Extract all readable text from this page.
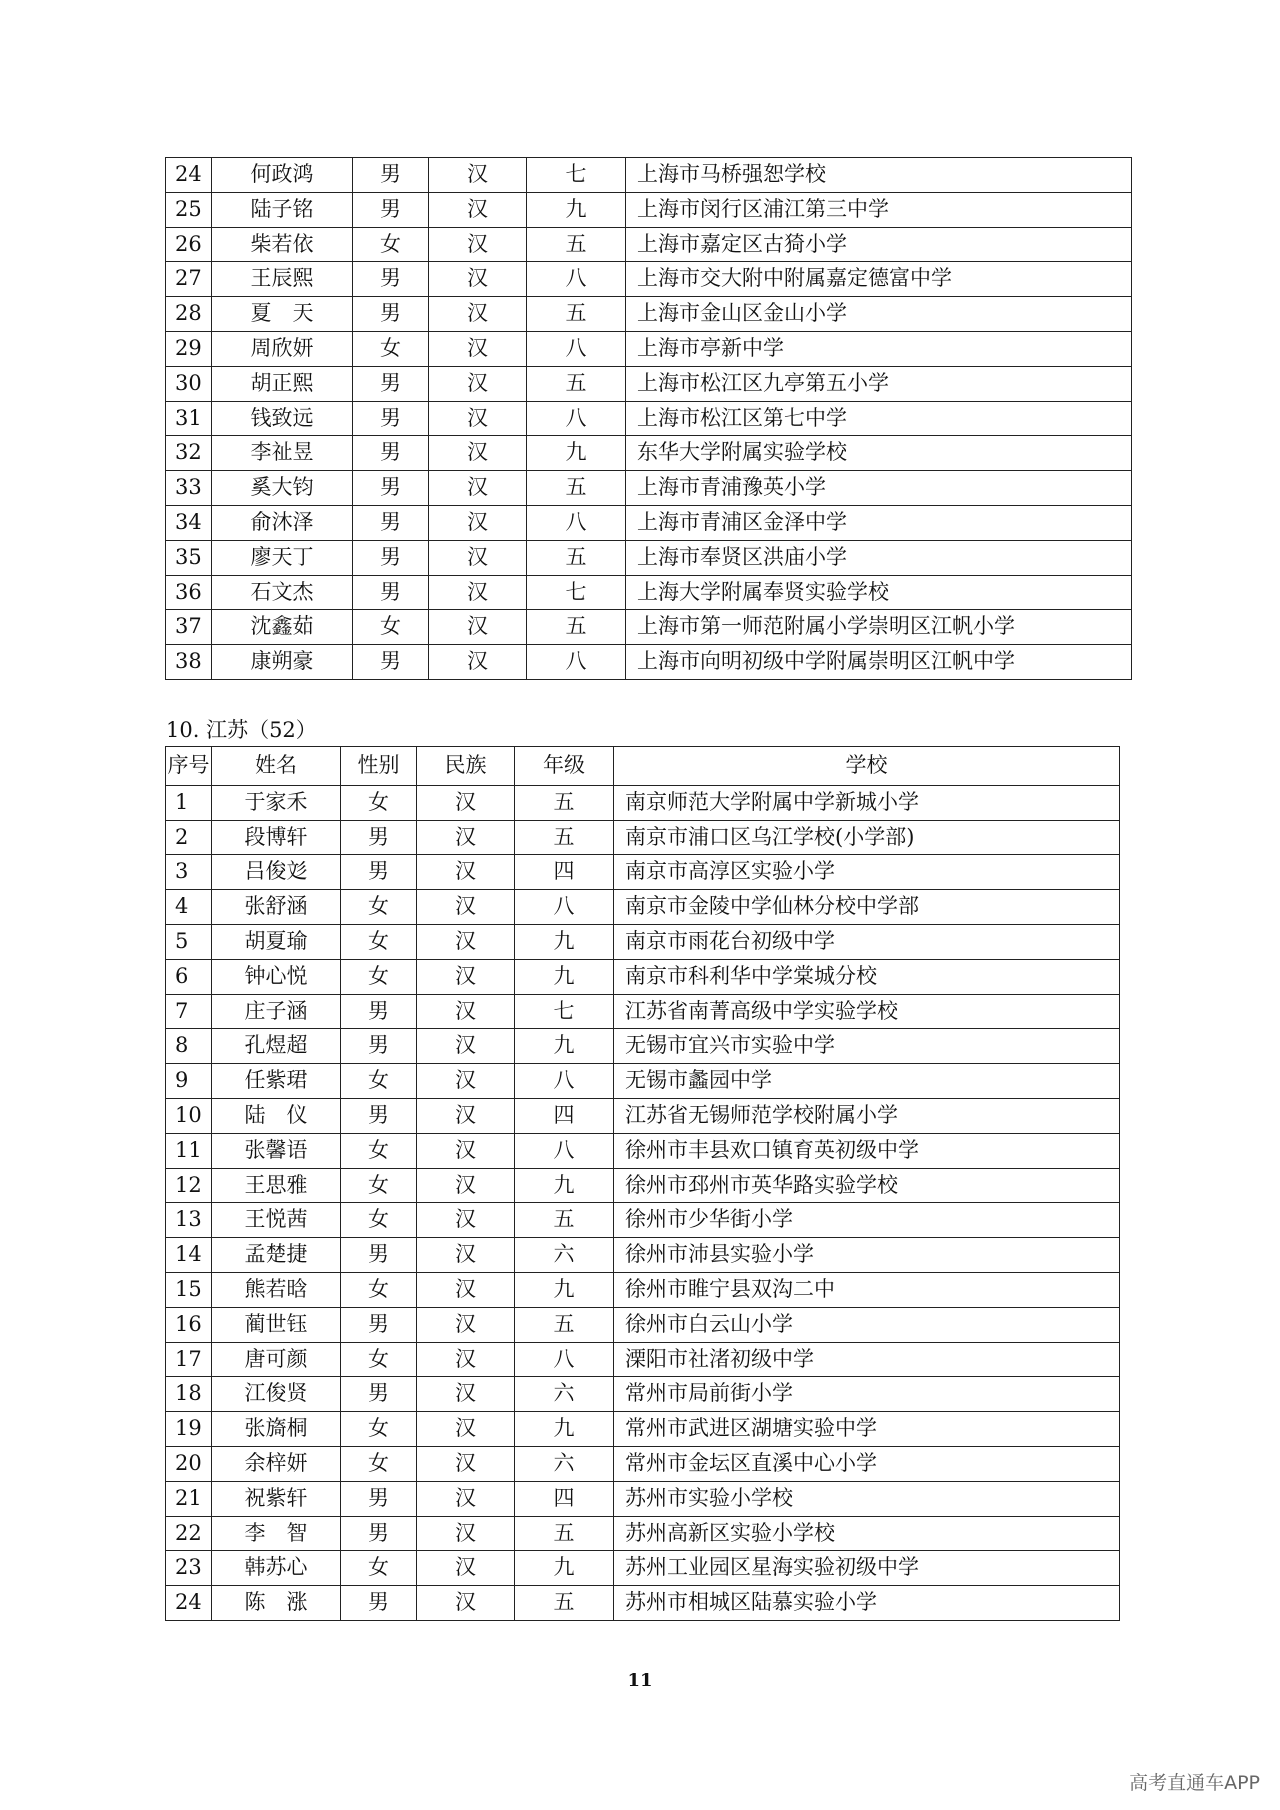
24	何政鸿	男	汉	七	上海市马桥强恕学校
25	陆子铭	男	汉	九	上海市闵行区浦江第三中学
26	柴若依	女	汉	五	上海市嘉定区古猗小学
27	王辰熙	男	汉	八	上海市交大附中附属嘉定德富中学
28	夏　天	男	汉	五	上海市金山区金山小学
29	周欣妍	女	汉	八	上海市亭新中学
30	胡正熙	男	汉	五	上海市松江区九亭第五小学
31	钱致远	男	汉	八	上海市松江区第七中学
32	李祉昱	男	汉	九	东华大学附属实验学校
33	奚大钧	男	汉	五	上海市青浦豫英小学
34	俞沐泽	男	汉	八	上海市青浦区金泽中学
35	廖天丁	男	汉	五	上海市奉贤区洪庙小学
36	石文杰	男	汉	七	上海大学附属奉贤实验学校
37	沈鑫茹	女	汉	五	上海市第一师范附属小学崇明区江帆小学
38	康朔豪	男	汉	八	上海市向明初级中学附属崇明区江帆中学
10. 江苏（52）
序号	姓名	性别	民族	年级	学校
1	于家禾	女	汉	五	南京师范大学附属中学新城小学
2	段博轩	男	汉	五	南京市浦口区乌江学校(小学部)
3	吕俊彣	男	汉	四	南京市高淳区实验小学
4	张舒涵	女	汉	八	南京市金陵中学仙林分校中学部
5	胡夏瑜	女	汉	九	南京市雨花台初级中学
6	钟心悦	女	汉	九	南京市科利华中学棠城分校
7	庄子涵	男	汉	七	江苏省南菁高级中学实验学校
8	孔煜超	男	汉	九	无锡市宜兴市实验中学
9	任紫珺	女	汉	八	无锡市蠡园中学
10	陆　仪	男	汉	四	江苏省无锡师范学校附属小学
11	张馨语	女	汉	八	徐州市丰县欢口镇育英初级中学
12	王思雅	女	汉	九	徐州市邳州市英华路实验学校
13	王悦茜	女	汉	五	徐州市少华街小学
14	孟楚捷	男	汉	六	徐州市沛县实验小学
15	熊若晗	女	汉	九	徐州市睢宁县双沟二中
16	蔺世钰	男	汉	五	徐州市白云山小学
17	唐可颜	女	汉	八	溧阳市社渚初级中学
18	江俊贤	男	汉	六	常州市局前街小学
19	张旖桐	女	汉	九	常州市武进区湖塘实验中学
20	余梓妍	女	汉	六	常州市金坛区直溪中心小学
21	祝紫轩	男	汉	四	苏州市实验小学校
22	李　智	男	汉	五	苏州高新区实验小学校
23	韩苏心	女	汉	九	苏州工业园区星海实验初级中学
24	陈　涨	男	汉	五	苏州市相城区陆慕实验小学
11
高考直通车APP
